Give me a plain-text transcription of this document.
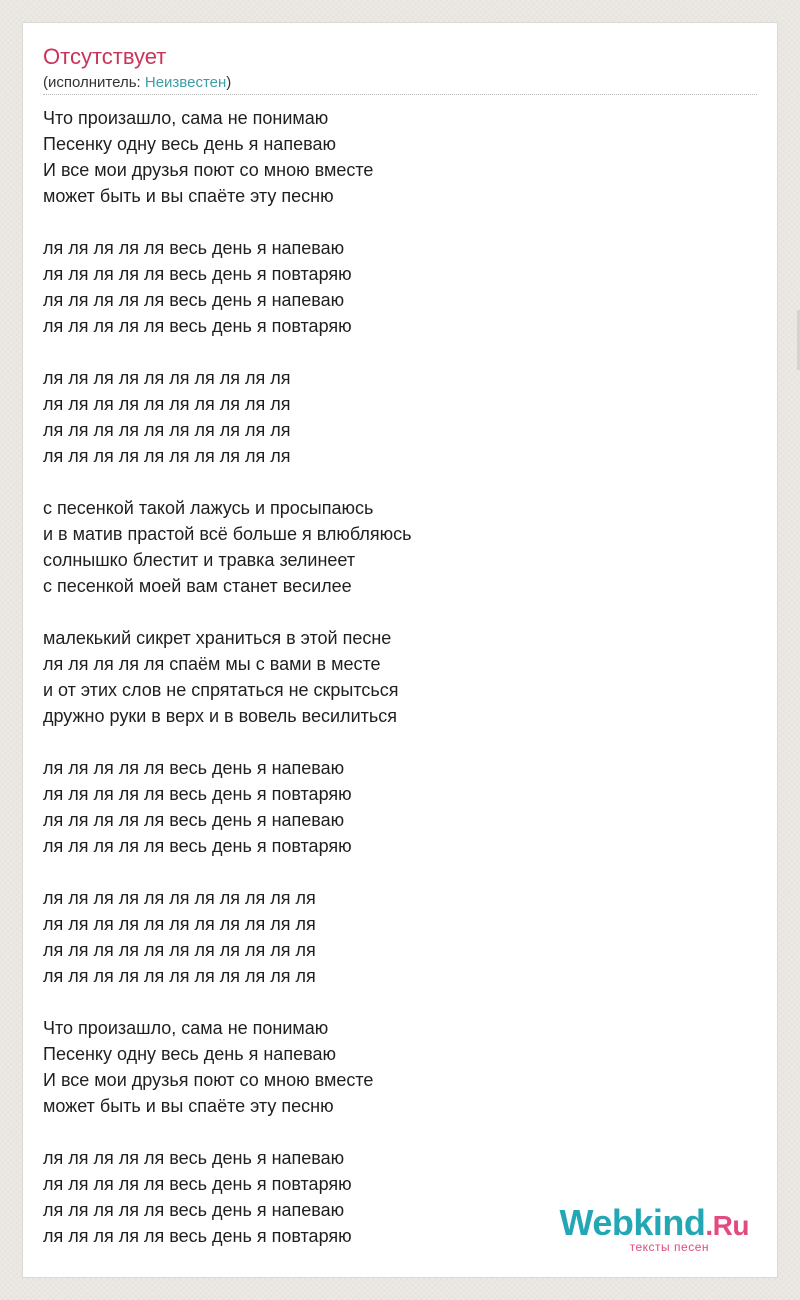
Отсутствует
(исполнитель: Неизвестен)
Что произашло, сама не понимаю
Песенку одну весь день я напеваю
И все мои друзья поют со мною вместе
может быть и вы спаёте эту песню
ля ля ля ля ля весь день я напеваю
ля ля ля ля ля весь день я повтаряю
ля ля ля ля ля весь день я напеваю
ля ля ля ля ля весь день я повтаряю
ля ля ля ля ля ля ля ля ля ля
ля ля ля ля ля ля ля ля ля ля
ля ля ля ля ля ля ля ля ля ля
ля ля ля ля ля ля ля ля ля ля
с песенкой такой лажусь и просыпаюсь
и в матив прастой всё больше я влюбляюсь
солнышко блестит и травка зелинеет
с песенкой моей вам станет весилее
малекький сикрет храниться в этой песне
ля ля ля ля ля спаём мы с вами в месте
и от этих слов не спрятаться не скрытсься
дружно руки в верх и в вовель весилиться
ля ля ля ля ля весь день я напеваю
ля ля ля ля ля весь день я повтаряю
ля ля ля ля ля весь день я напеваю
ля ля ля ля ля весь день я повтаряю
ля ля ля ля ля ля ля ля ля ля ля
ля ля ля ля ля ля ля ля ля ля ля
ля ля ля ля ля ля ля ля ля ля ля
ля ля ля ля ля ля ля ля ля ля ля
Что произашло, сама не понимаю
Песенку одну весь день я напеваю
И все мои друзья поют со мною вместе
может быть и вы спаёте эту песню
ля ля ля ля ля весь день я напеваю
ля ля ля ля ля весь день я повтаряю
ля ля ля ля ля весь день я напеваю
ля ля ля ля ля весь день я повтаряю	Webkind.Ru
тексты песен
